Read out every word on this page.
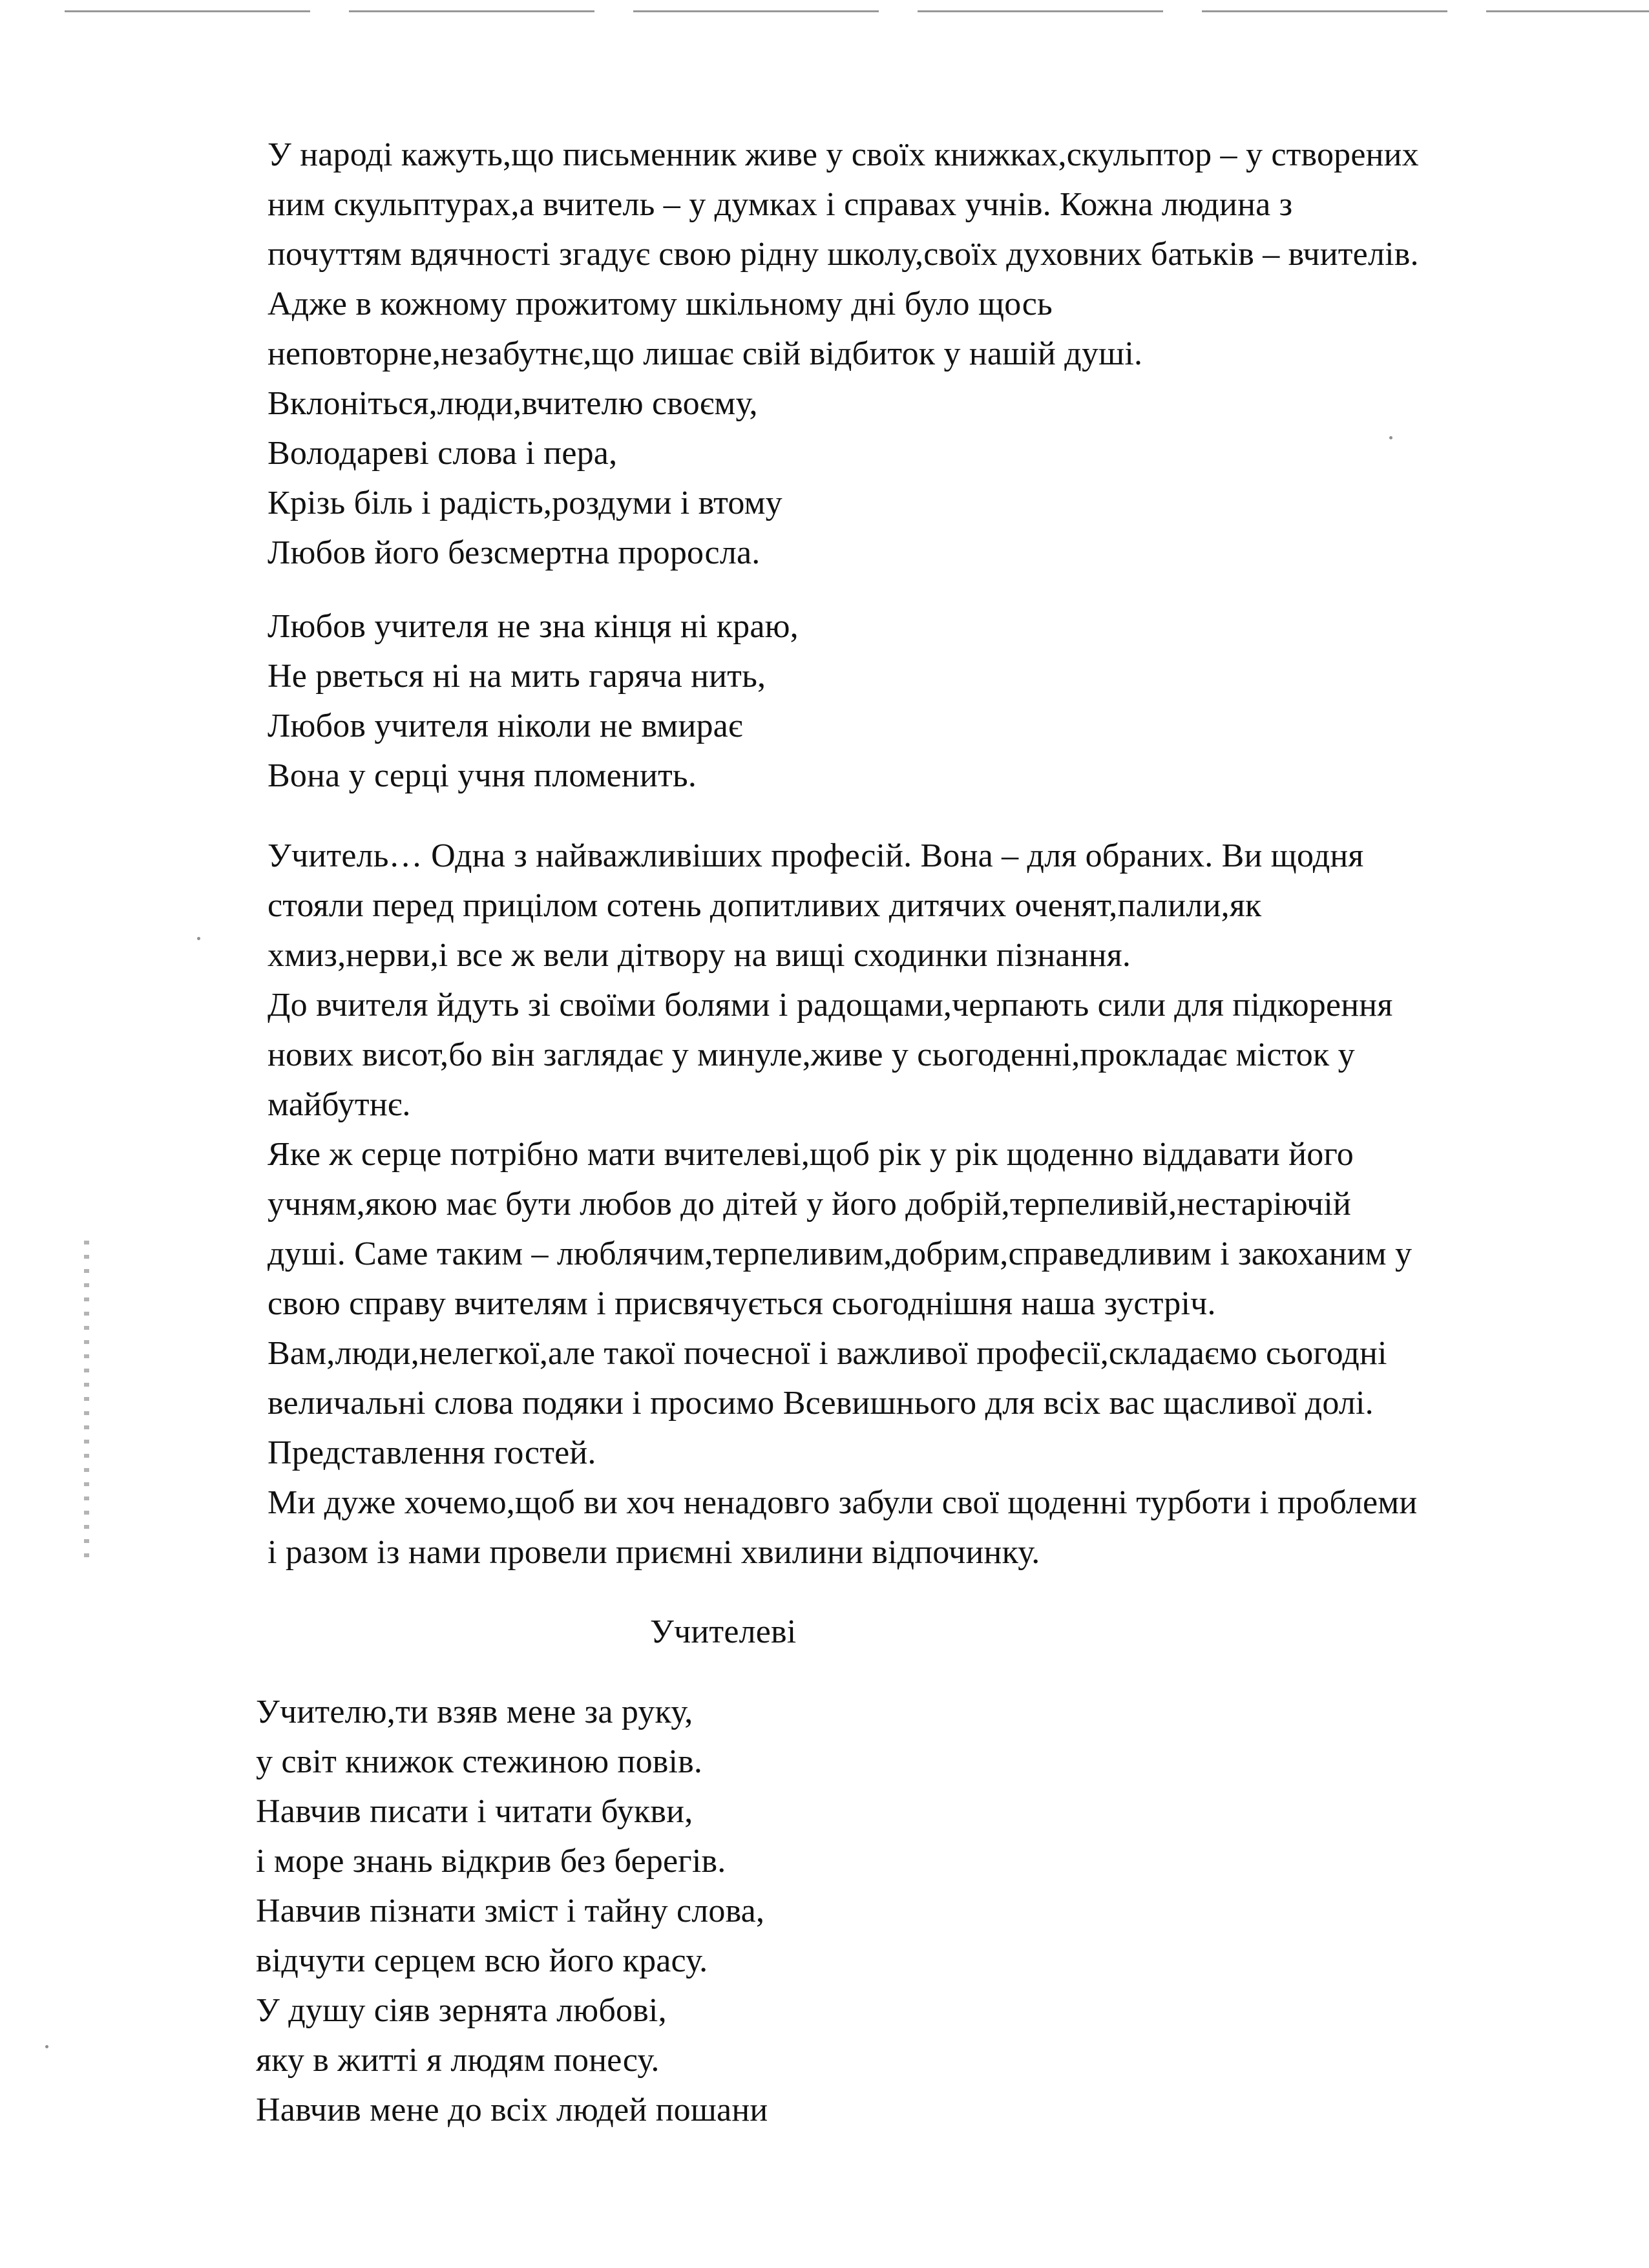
У народі кажуть,що письменник живе у своїх книжках,скульптор – у створених
ним скульптурах,а вчитель – у думках і справах учнів. Кожна людина з
почуттям вдячності згадує свою рідну школу,своїх духовних батьків – вчителів.
Адже в кожному прожитому шкільному дні було щось
неповторне,незабутнє,що лишає свій відбиток у нашій душі.
Вклоніться,люди,вчителю своєму,
Володареві слова і пера,
Крізь біль і радість,роздуми і втому
Любов його безсмертна проросла.
Любов учителя не зна кінця ні краю,
Не рветься ні на мить гаряча нить,
Любов учителя ніколи не вмирає
Вона у серці учня пломенить.
Учитель… Одна з найважливіших професій. Вона – для обраних. Ви щодня
стояли перед прицілом сотень допитливих дитячих оченят,палили,як
хмиз,нерви,і все ж вели дітвору на вищі сходинки пізнання.
До вчителя йдуть зі своїми болями і радощами,черпають сили для підкорення
нових висот,бо він заглядає у минуле,живе у сьогоденні,прокладає місток у
майбутнє.
Яке ж серце потрібно мати вчителеві,щоб рік у рік щоденно віддавати його
учням,якою має бути любов до дітей у його добрій,терпеливій,нестаріючій
душі. Саме таким – люблячим,терпеливим,добрим,справедливим і закоханим у
свою справу вчителям і присвячується сьогоднішня наша зустріч.
Вам,люди,нелегкої,але такої почесної і важливої професії,складаємо сьогодні
величальні слова подяки і просимо Всевишнього для всіх вас щасливої долі.
Представлення гостей.
Ми дуже хочемо,щоб ви хоч ненадовго забули свої щоденні турботи і проблеми
і разом із нами провели приємні хвилини відпочинку.
Учителеві
Учителю,ти взяв мене за руку,
у світ книжок стежиною повів.
Навчив писати і читати букви,
і море знань відкрив без берегів.
Навчив пізнати зміст і тайну слова,
відчути серцем всю його красу.
У душу сіяв зернята любові,
яку в житті я людям понесу.
Навчив мене до всіх людей пошани
